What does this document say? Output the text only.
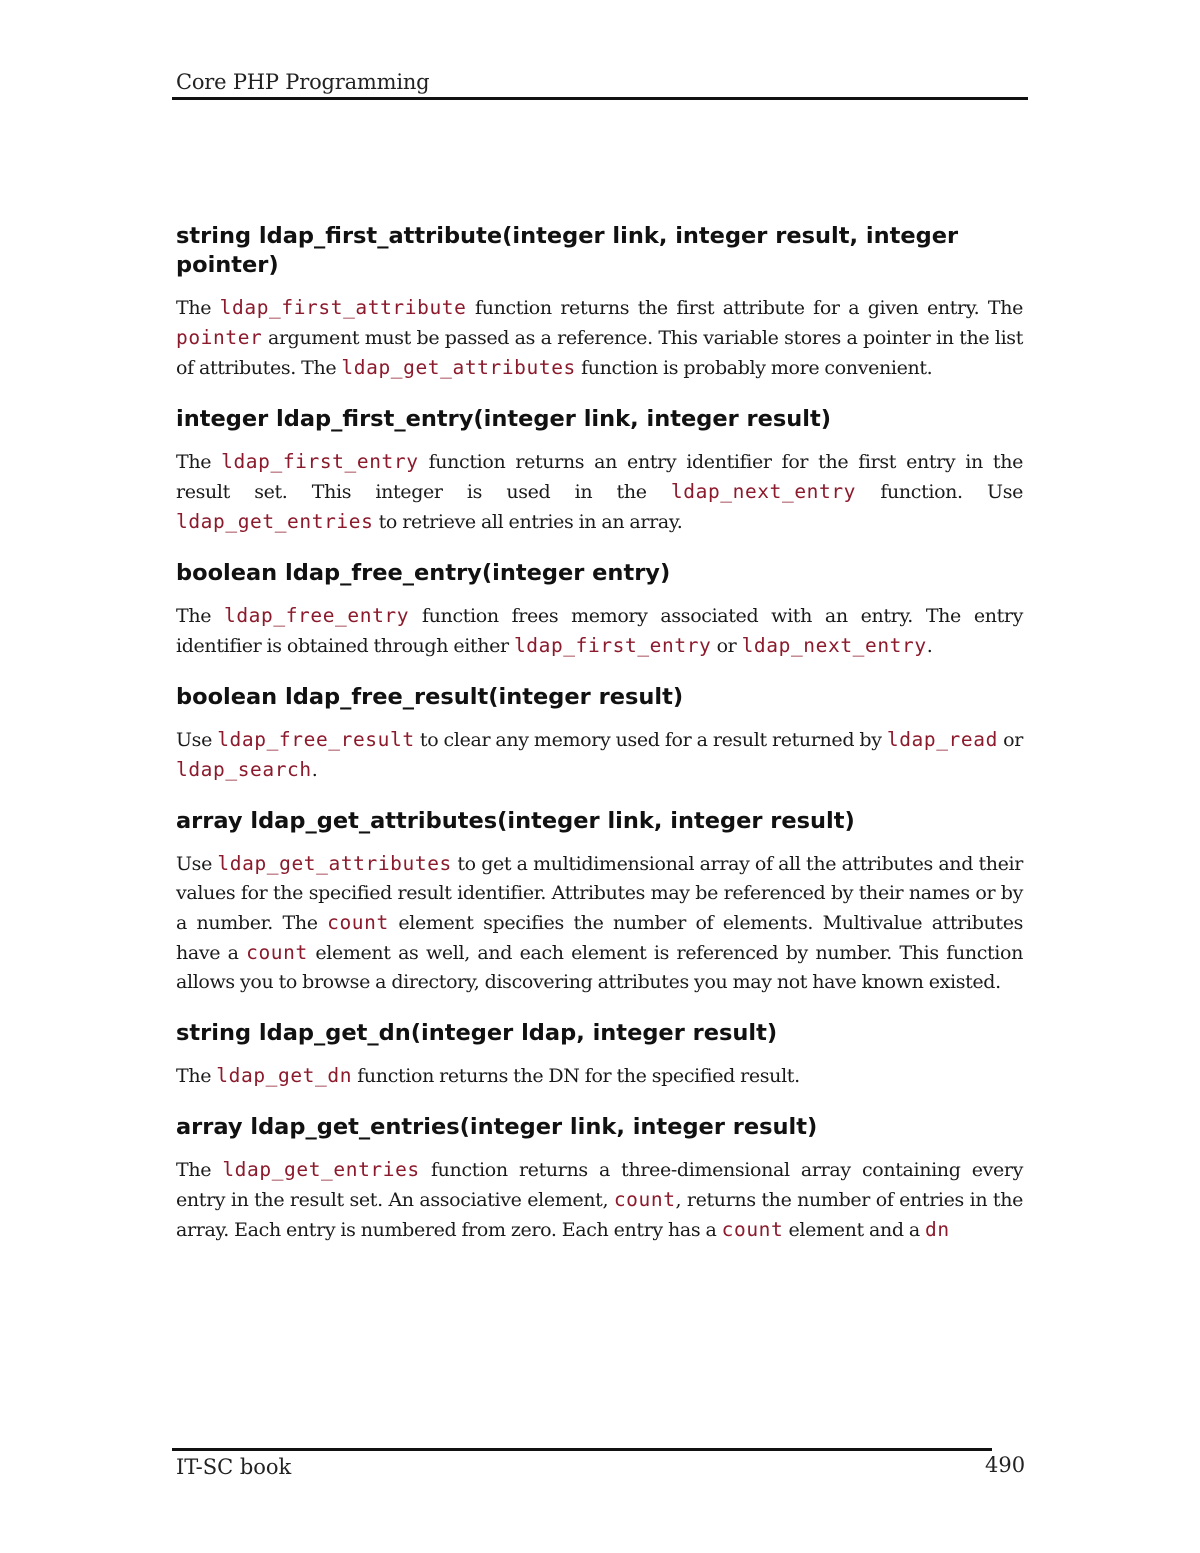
Core PHP Programming
string ldap_first_attribute(integer link, integer result, integer pointer)

The ldap_first_attribute function returns the first attribute for a given entry. The pointer argument must be passed as a reference. This variable stores a pointer in the list of attributes. The ldap_get_attributes function is probably more convenient.

integer ldap_first_entry(integer link, integer result)

The ldap_first_entry function returns an entry identifier for the first entry in the result set. This integer is used in the ldap_next_entry function. Use ldap_get_entries to retrieve all entries in an array.

boolean ldap_free_entry(integer entry)

The ldap_free_entry function frees memory associated with an entry. The entry identifier is obtained through either ldap_first_entry or ldap_next_entry.

boolean ldap_free_result(integer result)

Use ldap_free_result to clear any memory used for a result returned by ldap_read or ldap_search.

array ldap_get_attributes(integer link, integer result)

Use ldap_get_attributes to get a multidimensional array of all the attributes and their values for the specified result identifier. Attributes may be referenced by their names or by a number. The count element specifies the number of elements. Multivalue attributes have a count element as well, and each element is referenced by number. This function allows you to browse a directory, discovering attributes you may not have known existed.

string ldap_get_dn(integer ldap, integer result)

The ldap_get_dn function returns the DN for the specified result.

array ldap_get_entries(integer link, integer result)

The ldap_get_entries function returns a three-dimensional array containing every entry in the result set. An associative element, count, returns the number of entries in the array. Each entry is numbered from zero. Each entry has a count element and a dn

IT-SC book	490
